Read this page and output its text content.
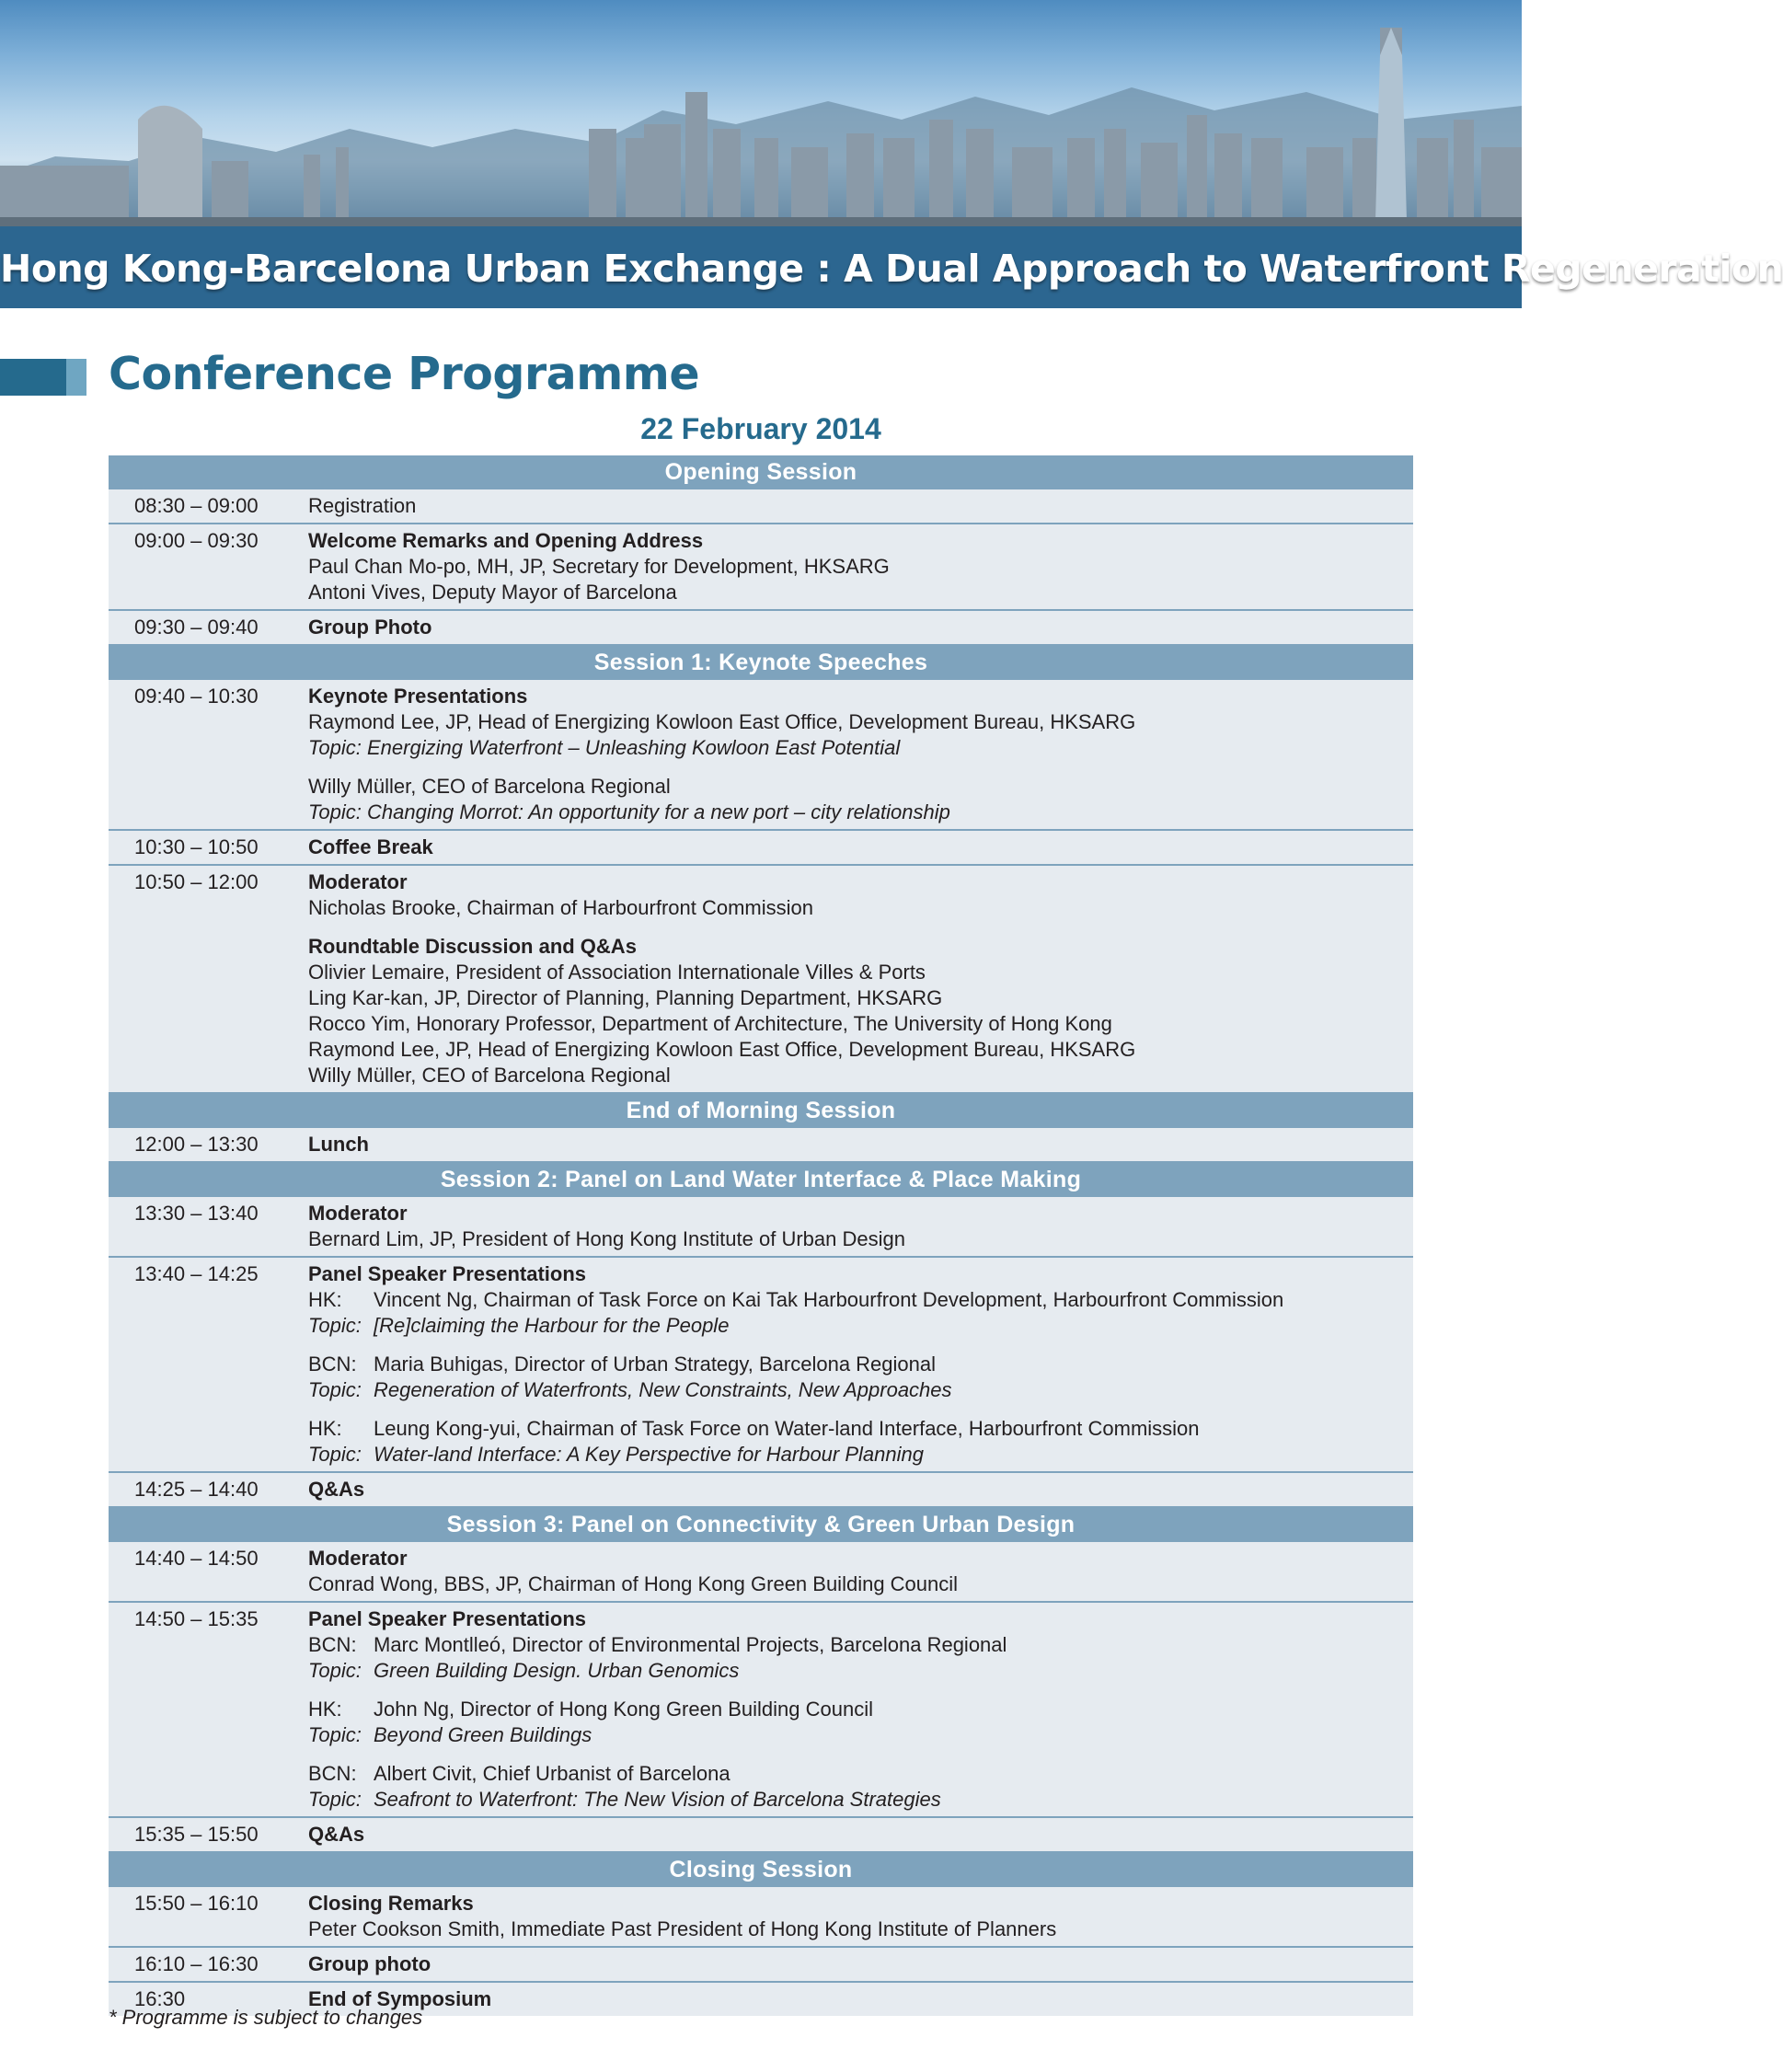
Hong Kong-Barcelona Urban Exchange : A Dual Approach to Waterfront Regeneration
Conference Programme
22 February 2014
Opening Session
08:30 – 09:00 Registration
09:00 – 09:30 Welcome Remarks and Opening Address
Paul Chan Mo-po, MH, JP, Secretary for Development, HKSARG
Antoni Vives, Deputy Mayor of Barcelona
09:30 – 09:40 Group Photo
Session 1: Keynote Speeches
09:40 – 10:30 Keynote Presentations
Raymond Lee, JP, Head of Energizing Kowloon East Office, Development Bureau, HKSARG
Topic: Energizing Waterfront – Unleashing Kowloon East Potential
Willy Müller, CEO of Barcelona Regional
Topic: Changing Morrot: An opportunity for a new port – city relationship
10:30 – 10:50 Coffee Break
10:50 – 12:00 Moderator
Nicholas Brooke, Chairman of Harbourfront Commission
Roundtable Discussion and Q&As
Olivier Lemaire, President of Association Internationale Villes & Ports
Ling Kar-kan, JP, Director of Planning, Planning Department, HKSARG
Rocco Yim, Honorary Professor, Department of Architecture, The University of Hong Kong
Raymond Lee, JP, Head of Energizing Kowloon East Office, Development Bureau, HKSARG
Willy Müller, CEO of Barcelona Regional
End of Morning Session
12:00 – 13:30 Lunch
Session 2: Panel on Land Water Interface & Place Making
13:30 – 13:40 Moderator
Bernard Lim, JP, President of Hong Kong Institute of Urban Design
13:40 – 14:25 Panel Speaker Presentations
HK: Vincent Ng, Chairman of Task Force on Kai Tak Harbourfront Development, Harbourfront Commission
Topic: [Re]claiming the Harbour for the People
BCN: Maria Buhigas, Director of Urban Strategy, Barcelona Regional
Topic: Regeneration of Waterfronts, New Constraints, New Approaches
HK: Leung Kong-yui, Chairman of Task Force on Water-land Interface, Harbourfront Commission
Topic: Water-land Interface: A Key Perspective for Harbour Planning
14:25 – 14:40 Q&As
Session 3: Panel on Connectivity & Green Urban Design
14:40 – 14:50 Moderator
Conrad Wong, BBS, JP, Chairman of Hong Kong Green Building Council
14:50 – 15:35 Panel Speaker Presentations
BCN: Marc Montlleó, Director of Environmental Projects, Barcelona Regional
Topic: Green Building Design. Urban Genomics
HK: John Ng, Director of Hong Kong Green Building Council
Topic: Beyond Green Buildings
BCN: Albert Civit, Chief Urbanist of Barcelona
Topic: Seafront to Waterfront: The New Vision of Barcelona Strategies
15:35 – 15:50 Q&As
Closing Session
15:50 – 16:10 Closing Remarks
Peter Cookson Smith, Immediate Past President of Hong Kong Institute of Planners
16:10 – 16:30 Group photo
16:30	End of Symposium
* Programme is subject to changes
